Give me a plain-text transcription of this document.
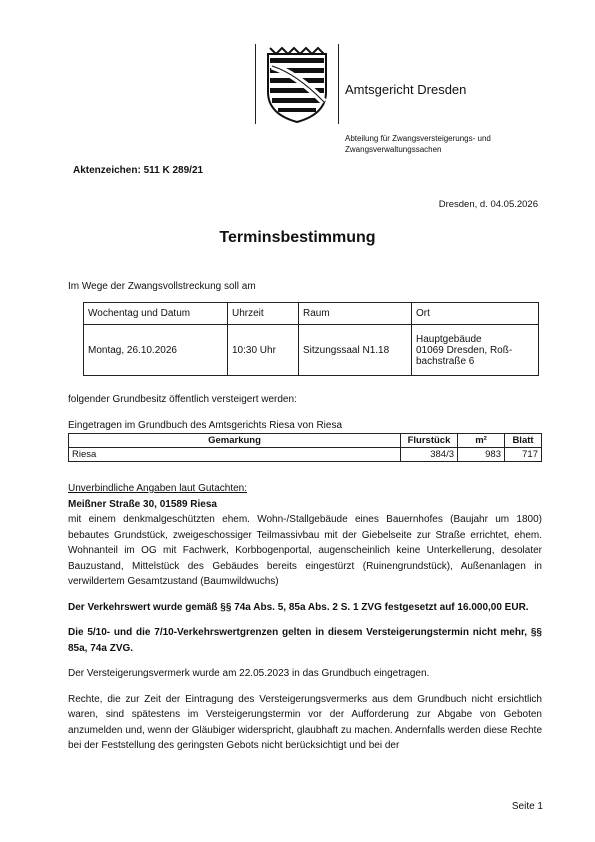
Amtsgericht Dresden
Abteilung für Zwangsversteigerungs- und
Zwangsverwaltungssachen
Aktenzeichen: 511 K 289/21
Dresden, d. 04.05.2026
Terminsbestimmung
Im Wege der Zwangsvollstreckung soll am
Wochentag und Datum	Uhrzeit	Raum	Ort
Montag, 26.10.2026	10:30 Uhr	Sitzungssaal N1.18	Hauptgebäude
01069 Dresden, Roß-
bachstraße 6
folgender Grundbesitz öffentlich versteigert werden:
Eingetragen im Grundbuch des Amtsgerichts Riesa von Riesa
Gemarkung	Flurstück	m²	Blatt
Riesa	384/3	983	717

Unverbindliche Angaben laut Gutachten:

Meißner Straße 30, 01589 Riesa

mit einem denkmalgeschützten ehem. Wohn-/Stallgebäude eines Bauernhofes (Baujahr um 1800) bebautes Grundstück, zweigeschossiger Teilmassivbau mit der Giebelseite zur Straße errichtet, ehem. Wohnanteil im OG mit Fachwerk, Korbbogenportal, augenscheinlich keine Unterkellerung, desolater Bauzustand, Mittelstück des Gebäudes bereits eingestürzt (Ruinengrundstück), Außenanlagen in verwildertem Gesamtzustand (Baumwildwuchs)

Der Verkehrswert wurde gemäß §§ 74a Abs. 5, 85a Abs. 2 S. 1 ZVG festgesetzt auf 16.000,00 EUR.

Die 5/10- und die 7/10-Verkehrswertgrenzen gelten in diesem Versteigerungstermin nicht mehr, §§ 85a, 74a ZVG.

Der Versteigerungsvermerk wurde am 22.05.2023 in das Grundbuch eingetragen.

Rechte, die zur Zeit der Eintragung des Versteigerungsvermerks aus dem Grundbuch nicht ersichtlich waren, sind spätestens im Versteigerungstermin vor der Aufforderung zur Abgabe von Geboten anzumelden und, wenn der Gläubiger widerspricht, glaubhaft zu machen. Andernfalls werden diese Rechte bei der Feststellung des geringsten Gebots nicht berücksichtigt und bei der

Seite 1
